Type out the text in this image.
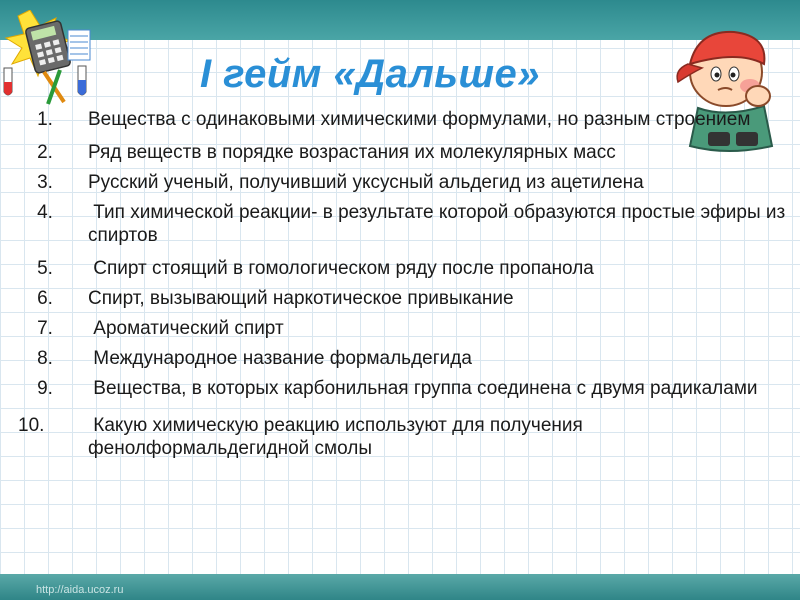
I гейм «Дальше»
1.	Вещества с одинаковыми химическими формулами, но разным строением
2.	Ряд веществ в порядке возрастания их молекулярных масс
3.	Русский ученый, получивший уксусный альдегид из ацетилена
4.	Тип химической реакции- в результате которой образуются простые эфиры из спиртов
5.	Спирт стоящий в гомологическом ряду после пропанола
6.	Спирт, вызывающий наркотическое привыкание
7.	Ароматический спирт
8.	Международное название формальдегида
9.	Вещества, в которых карбонильная группа соединена с двумя радикалами
10.	Какую химическую реакцию используют для получения фенолформальдегидной смолы
http://aida.ucoz.ru
